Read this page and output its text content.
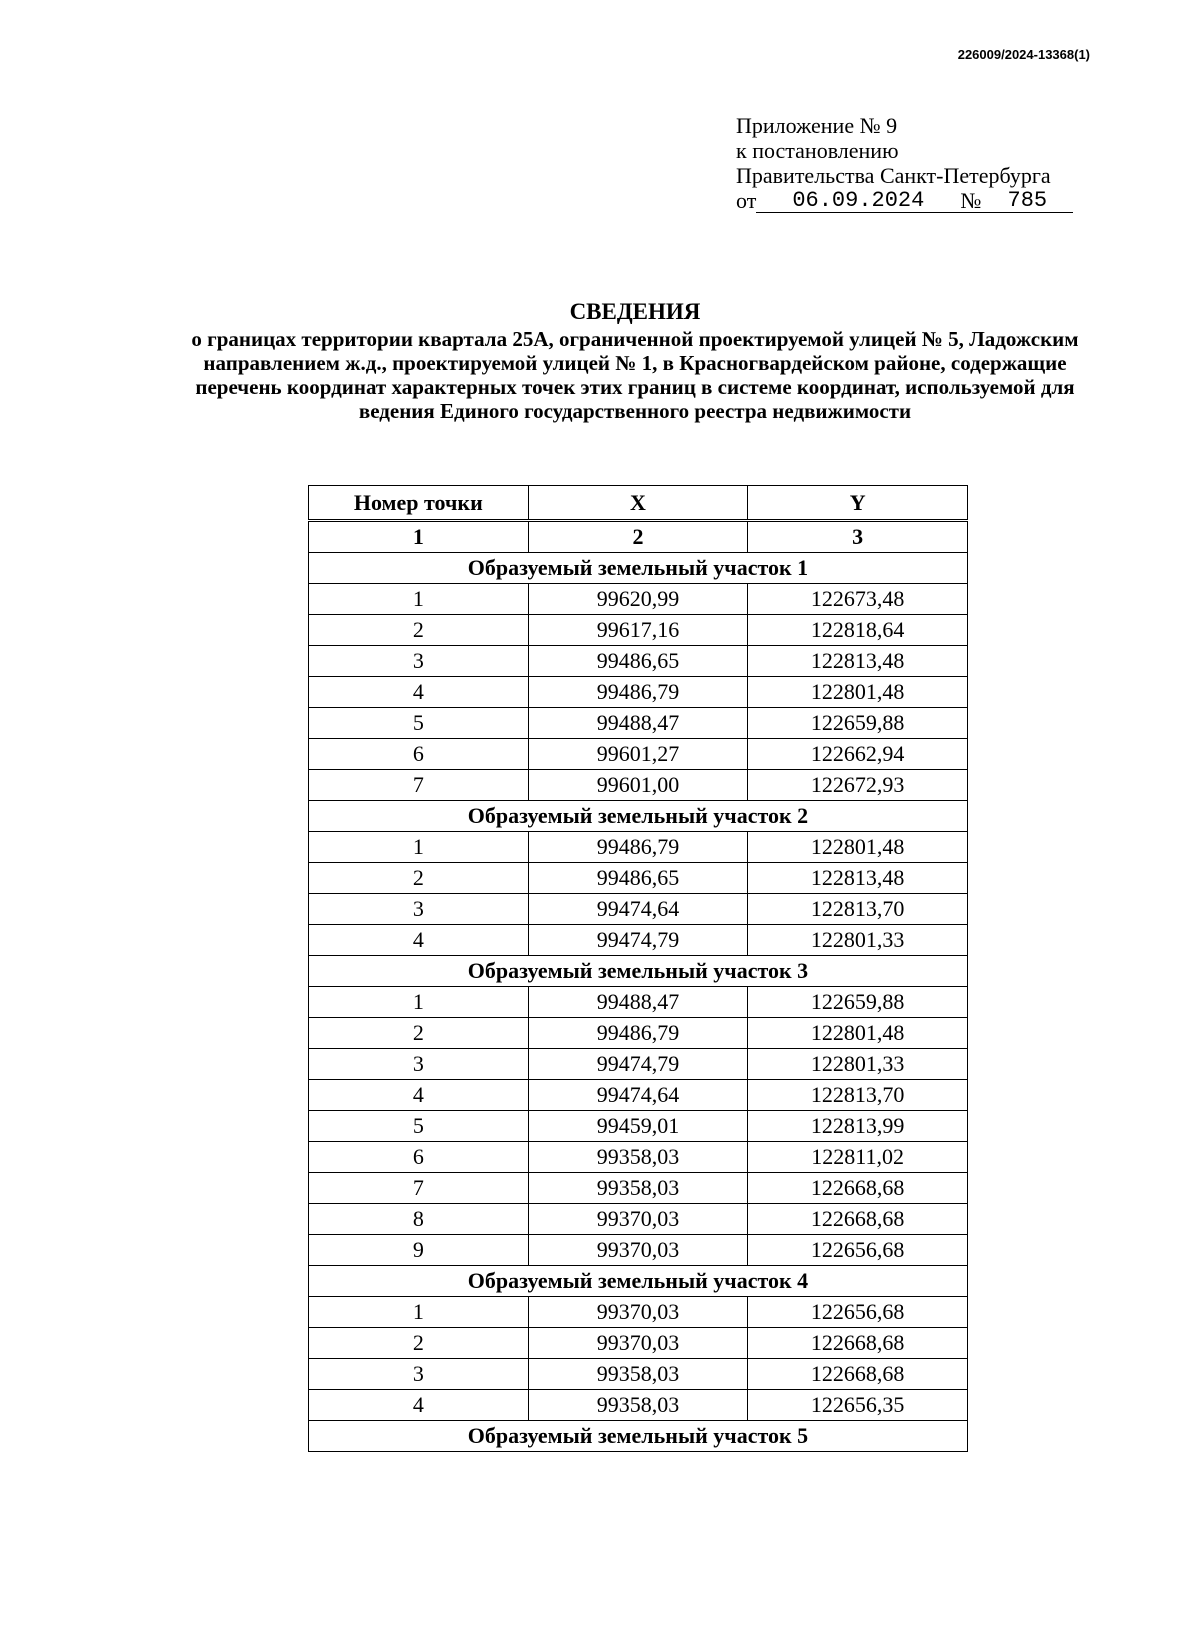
226009/2024-13368(1)
Приложение № 9
к постановлению
Правительства Санкт-Петербурга
от	06.09.2024	№	785
СВЕДЕНИЯ
о границах территории квартала 25А, ограниченной проектируемой улицей № 5, Ладожским направлением ж.д., проектируемой улицей № 1, в Красногвардейском районе, содержащие перечень координат характерных точек этих границ в системе координат, используемой для ведения Единого государственного реестра недвижимости
Номер точки	X	Y
1	2	3
Образуемый земельный участок 1		
1	99620,99	122673,48
2	99617,16	122818,64
3	99486,65	122813,48
4	99486,79	122801,48
5	99488,47	122659,88
6	99601,27	122662,94
7	99601,00	122672,93
Образуемый земельный участок 2		
1	99486,79	122801,48
2	99486,65	122813,48
3	99474,64	122813,70
4	99474,79	122801,33
Образуемый земельный участок 3		
1	99488,47	122659,88
2	99486,79	122801,48
3	99474,79	122801,33
4	99474,64	122813,70
5	99459,01	122813,99
6	99358,03	122811,02
7	99358,03	122668,68
8	99370,03	122668,68
9	99370,03	122656,68
Образуемый земельный участок 4		
1	99370,03	122656,68
2	99370,03	122668,68
3	99358,03	122668,68
4	99358,03	122656,35
Образуемый земельный участок 5		
